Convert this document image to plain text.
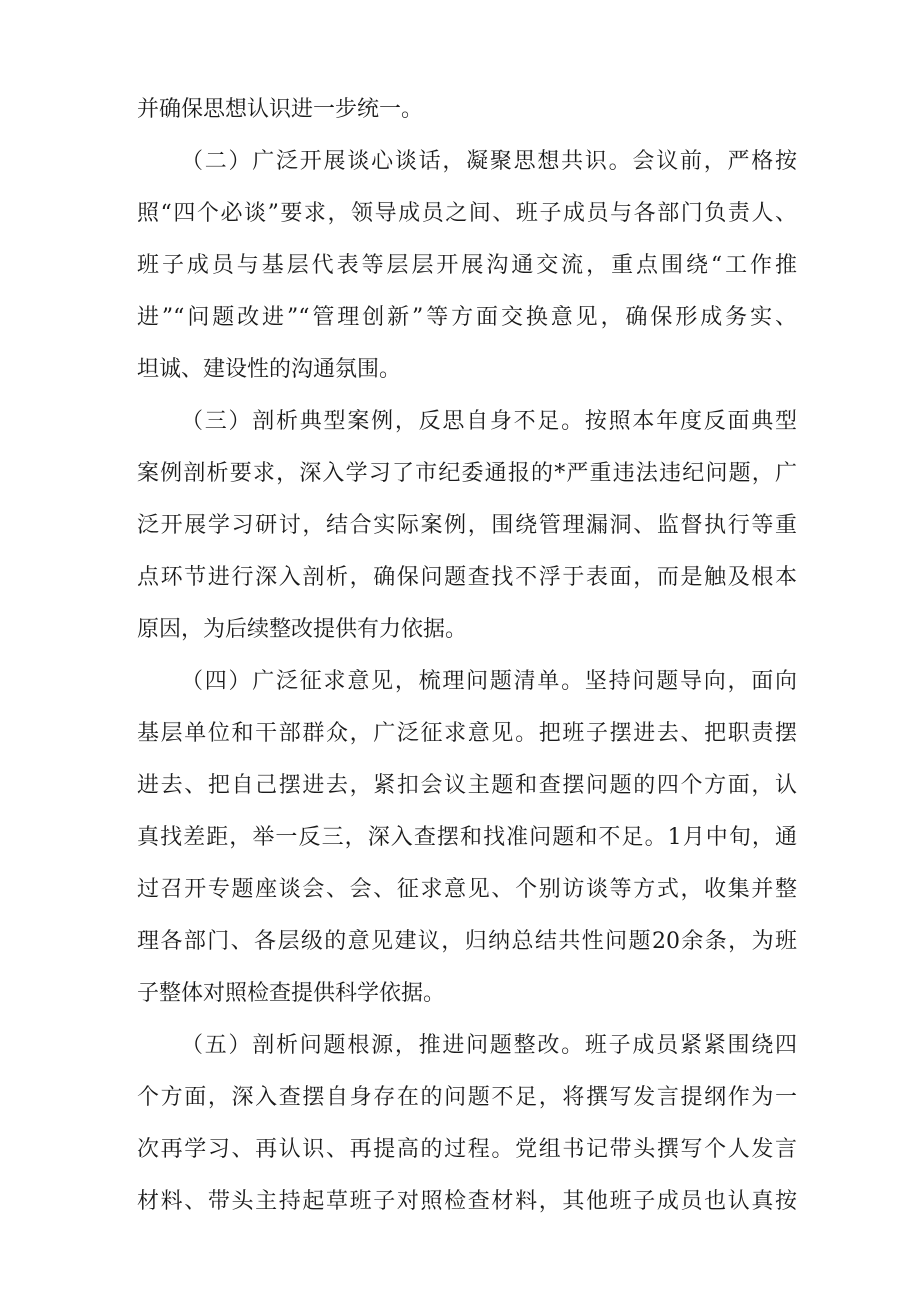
并确保思想认识进一步统一。
（二）广泛开展谈心谈话，凝聚思想共识。会议前，严格按
照“四个必谈”要求，领导成员之间、班子成员与各部门负责人、
班子成员与基层代表等层层开展沟通交流，重点围绕“工作推
进”“问题改进”“管理创新”等方面交换意见，确保形成务实、
坦诚、建设性的沟通氛围。
（三）剖析典型案例，反思自身不足。按照本年度反面典型
案例剖析要求，深入学习了市纪委通报的*严重违法违纪问题，广
泛开展学习研讨，结合实际案例，围绕管理漏洞、监督执行等重
点环节进行深入剖析，确保问题查找不浮于表面，而是触及根本
原因，为后续整改提供有力依据。
（四）广泛征求意见，梳理问题清单。坚持问题导向，面向
基层单位和干部群众，广泛征求意见。把班子摆进去、把职责摆
进去、把自己摆进去，紧扣会议主题和查摆问题的四个方面，认
真找差距，举一反三，深入查摆和找准问题和不足。1月中旬，通
过召开专题座谈会、会、征求意见、个别访谈等方式，收集并整
理各部门、各层级的意见建议，归纳总结共性问题20余条，为班
子整体对照检查提供科学依据。
（五）剖析问题根源，推进问题整改。班子成员紧紧围绕四
个方面，深入查摆自身存在的问题不足，将撰写发言提纲作为一
次再学习、再认识、再提高的过程。党组书记带头撰写个人发言
材料、带头主持起草班子对照检查材料，其他班子成员也认真按
